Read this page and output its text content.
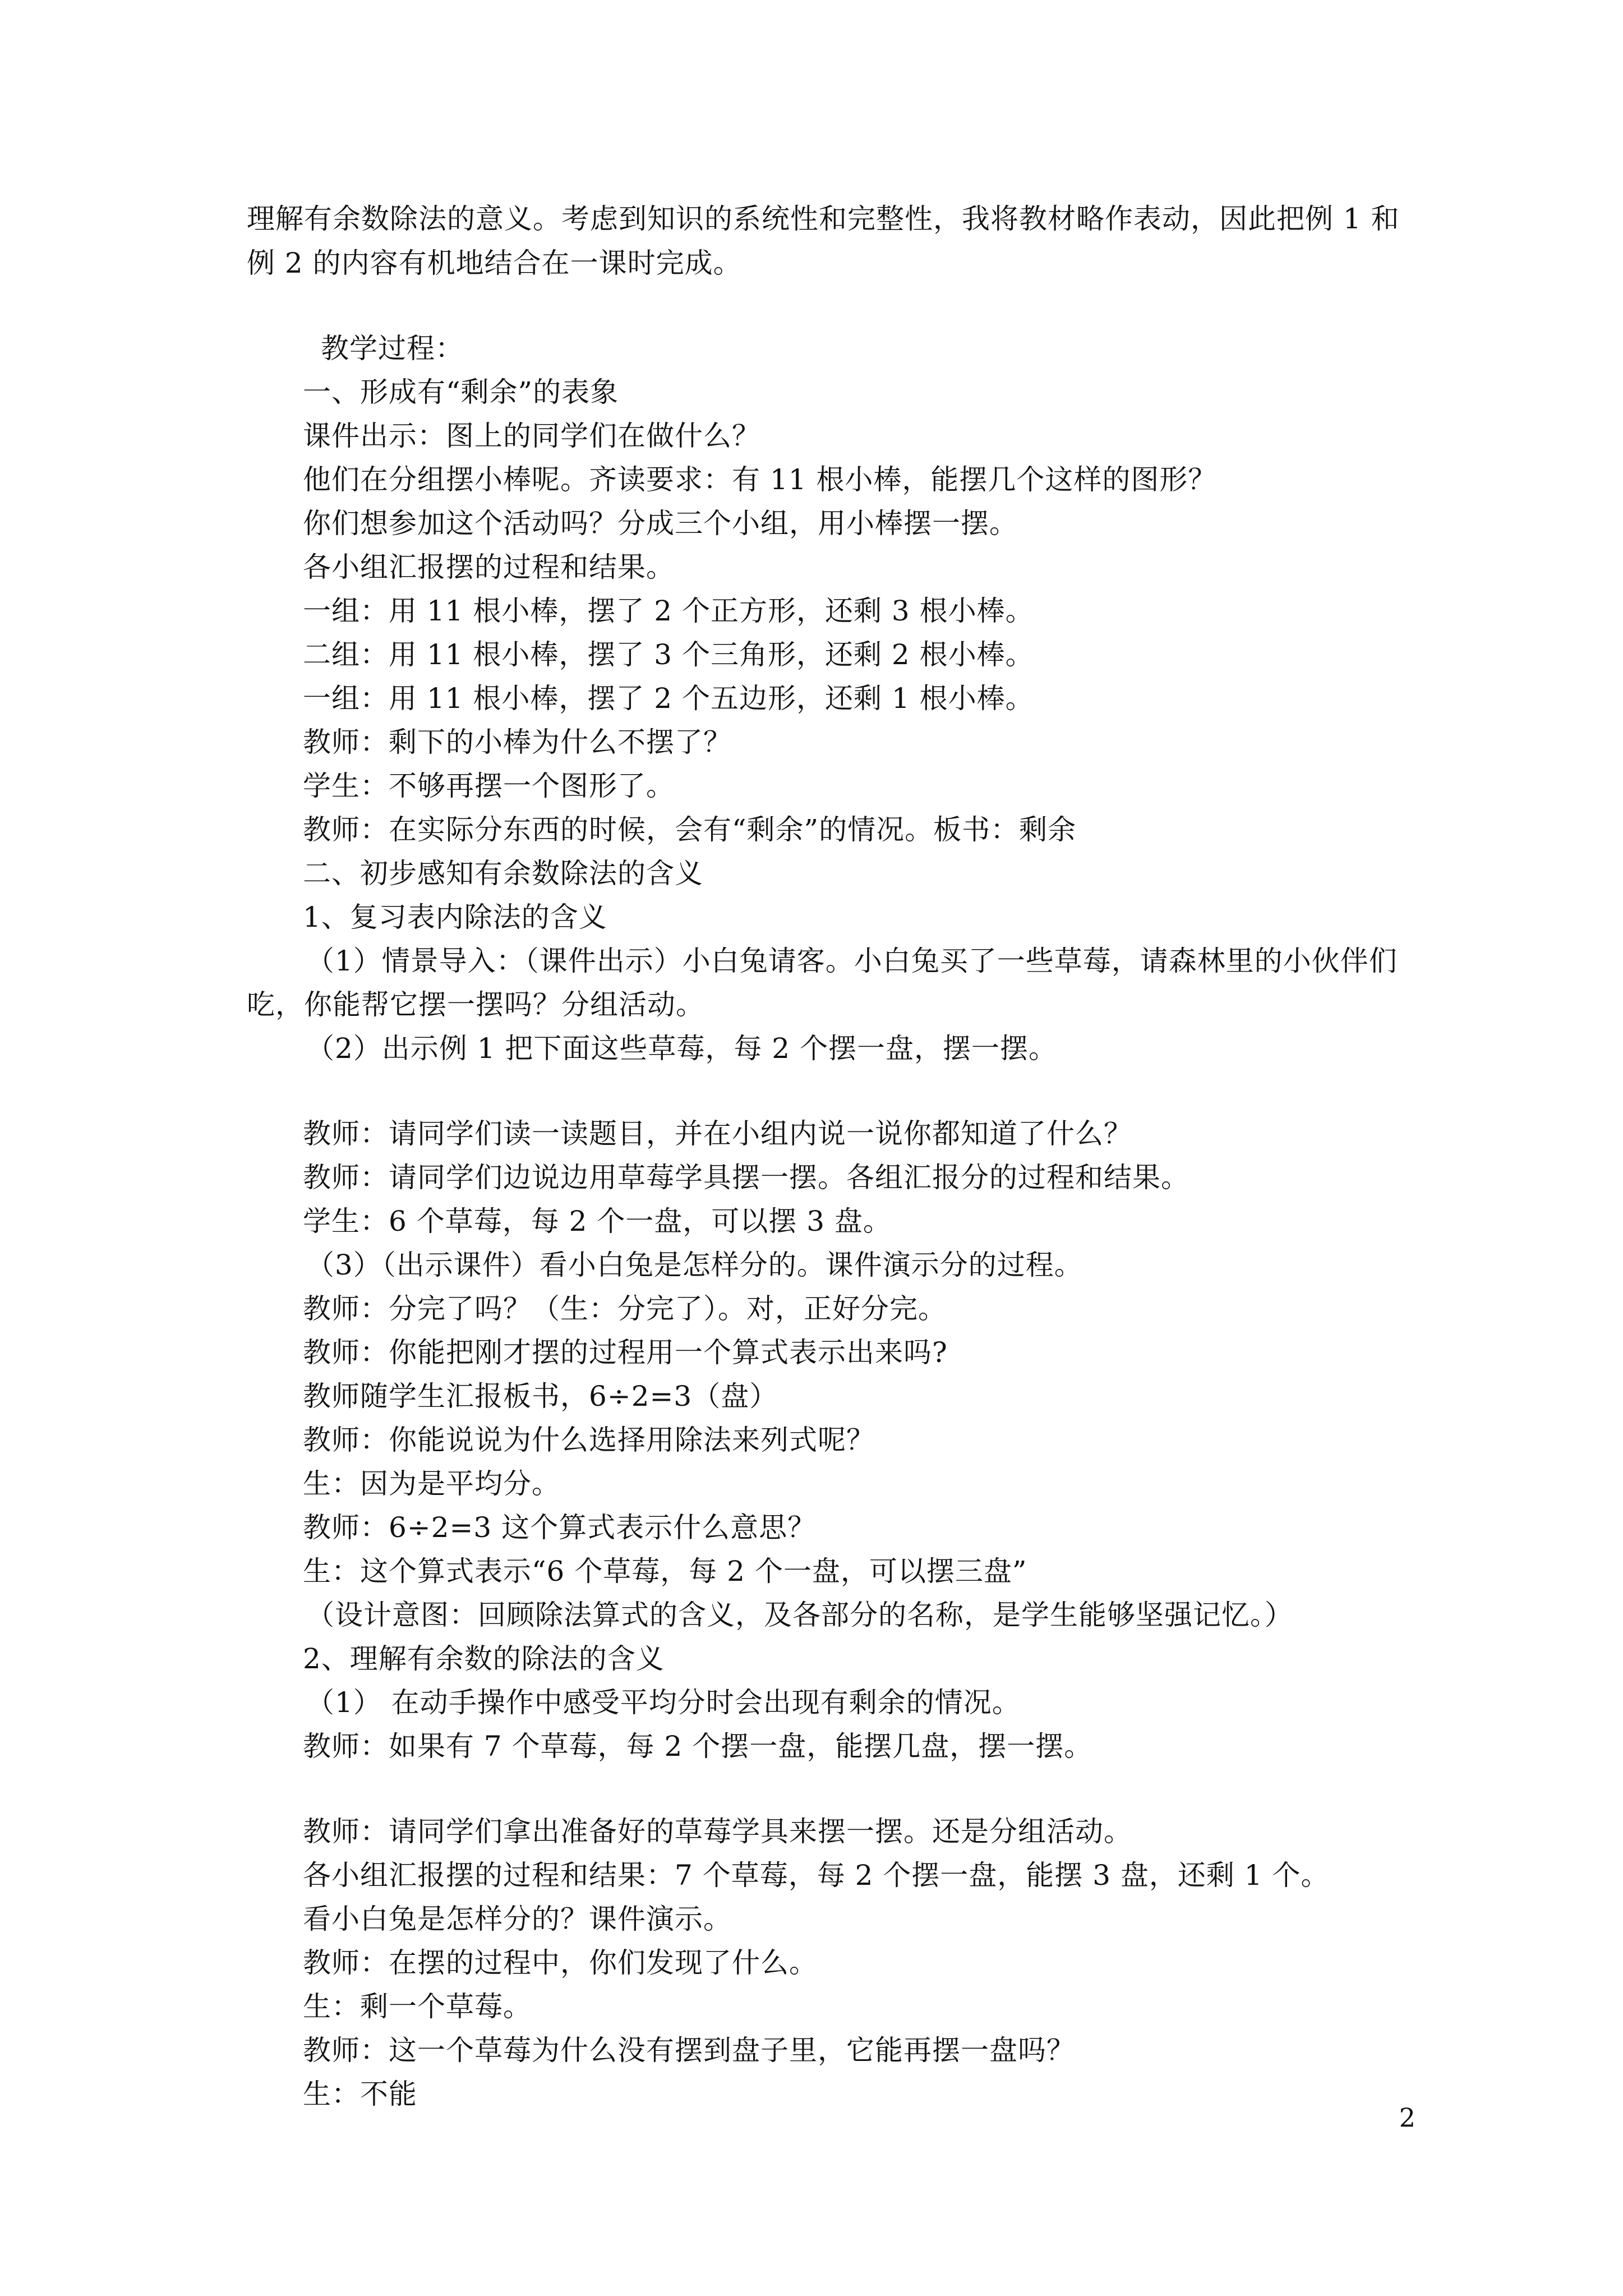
理解有余数除法的意义。考虑到知识的系统性和完整性，我将教材略作表动，因此把例 1 和
例 2 的内容有机地结合在一课时完成。
教学过程：
一、形成有“剩余”的表象
课件出示：图上的同学们在做什么？
他们在分组摆小棒呢。齐读要求：有 11 根小棒，能摆几个这样的图形？
你们想参加这个活动吗？分成三个小组，用小棒摆一摆。
各小组汇报摆的过程和结果。
一组：用 11 根小棒，摆了 2 个正方形，还剩 3 根小棒。
二组：用 11 根小棒，摆了 3 个三角形，还剩 2 根小棒。
一组：用 11 根小棒，摆了 2 个五边形，还剩 1 根小棒。
教师：剩下的小棒为什么不摆了？
学生：不够再摆一个图形了。
教师：在实际分东西的时候，会有“剩余”的情况。板书：剩余
二、初步感知有余数除法的含义
1、复习表内除法的含义
（1）情景导入：（课件出示）小白兔请客。小白兔买了一些草莓，请森林里的小伙伴们
吃，你能帮它摆一摆吗？分组活动。
（2）出示例 1 把下面这些草莓，每 2 个摆一盘，摆一摆。
教师：请同学们读一读题目，并在小组内说一说你都知道了什么？
教师：请同学们边说边用草莓学具摆一摆。各组汇报分的过程和结果。
学生：6 个草莓，每 2 个一盘，可以摆 3 盘。
（3）（出示课件）看小白兔是怎样分的。课件演示分的过程。
教师：分完了吗？（生：分完了）。对，正好分完。
教师：你能把刚才摆的过程用一个算式表示出来吗?
教师随学生汇报板书，6÷2=3（盘）
教师：你能说说为什么选择用除法来列式呢？
生：因为是平均分。
教师：6÷2=3 这个算式表示什么意思？
生：这个算式表示“6 个草莓，每 2 个一盘，可以摆三盘”
（设计意图：回顾除法算式的含义，及各部分的名称，是学生能够坚强记忆。）
2、理解有余数的除法的含义
（1） 在动手操作中感受平均分时会出现有剩余的情况。
教师：如果有 7 个草莓，每 2 个摆一盘，能摆几盘，摆一摆。
教师：请同学们拿出准备好的草莓学具来摆一摆。还是分组活动。
各小组汇报摆的过程和结果：7 个草莓，每 2 个摆一盘，能摆 3 盘，还剩 1 个。
看小白兔是怎样分的？课件演示。
教师：在摆的过程中，你们发现了什么。
生：剩一个草莓。
教师：这一个草莓为什么没有摆到盘子里，它能再摆一盘吗？
生：不能
2
